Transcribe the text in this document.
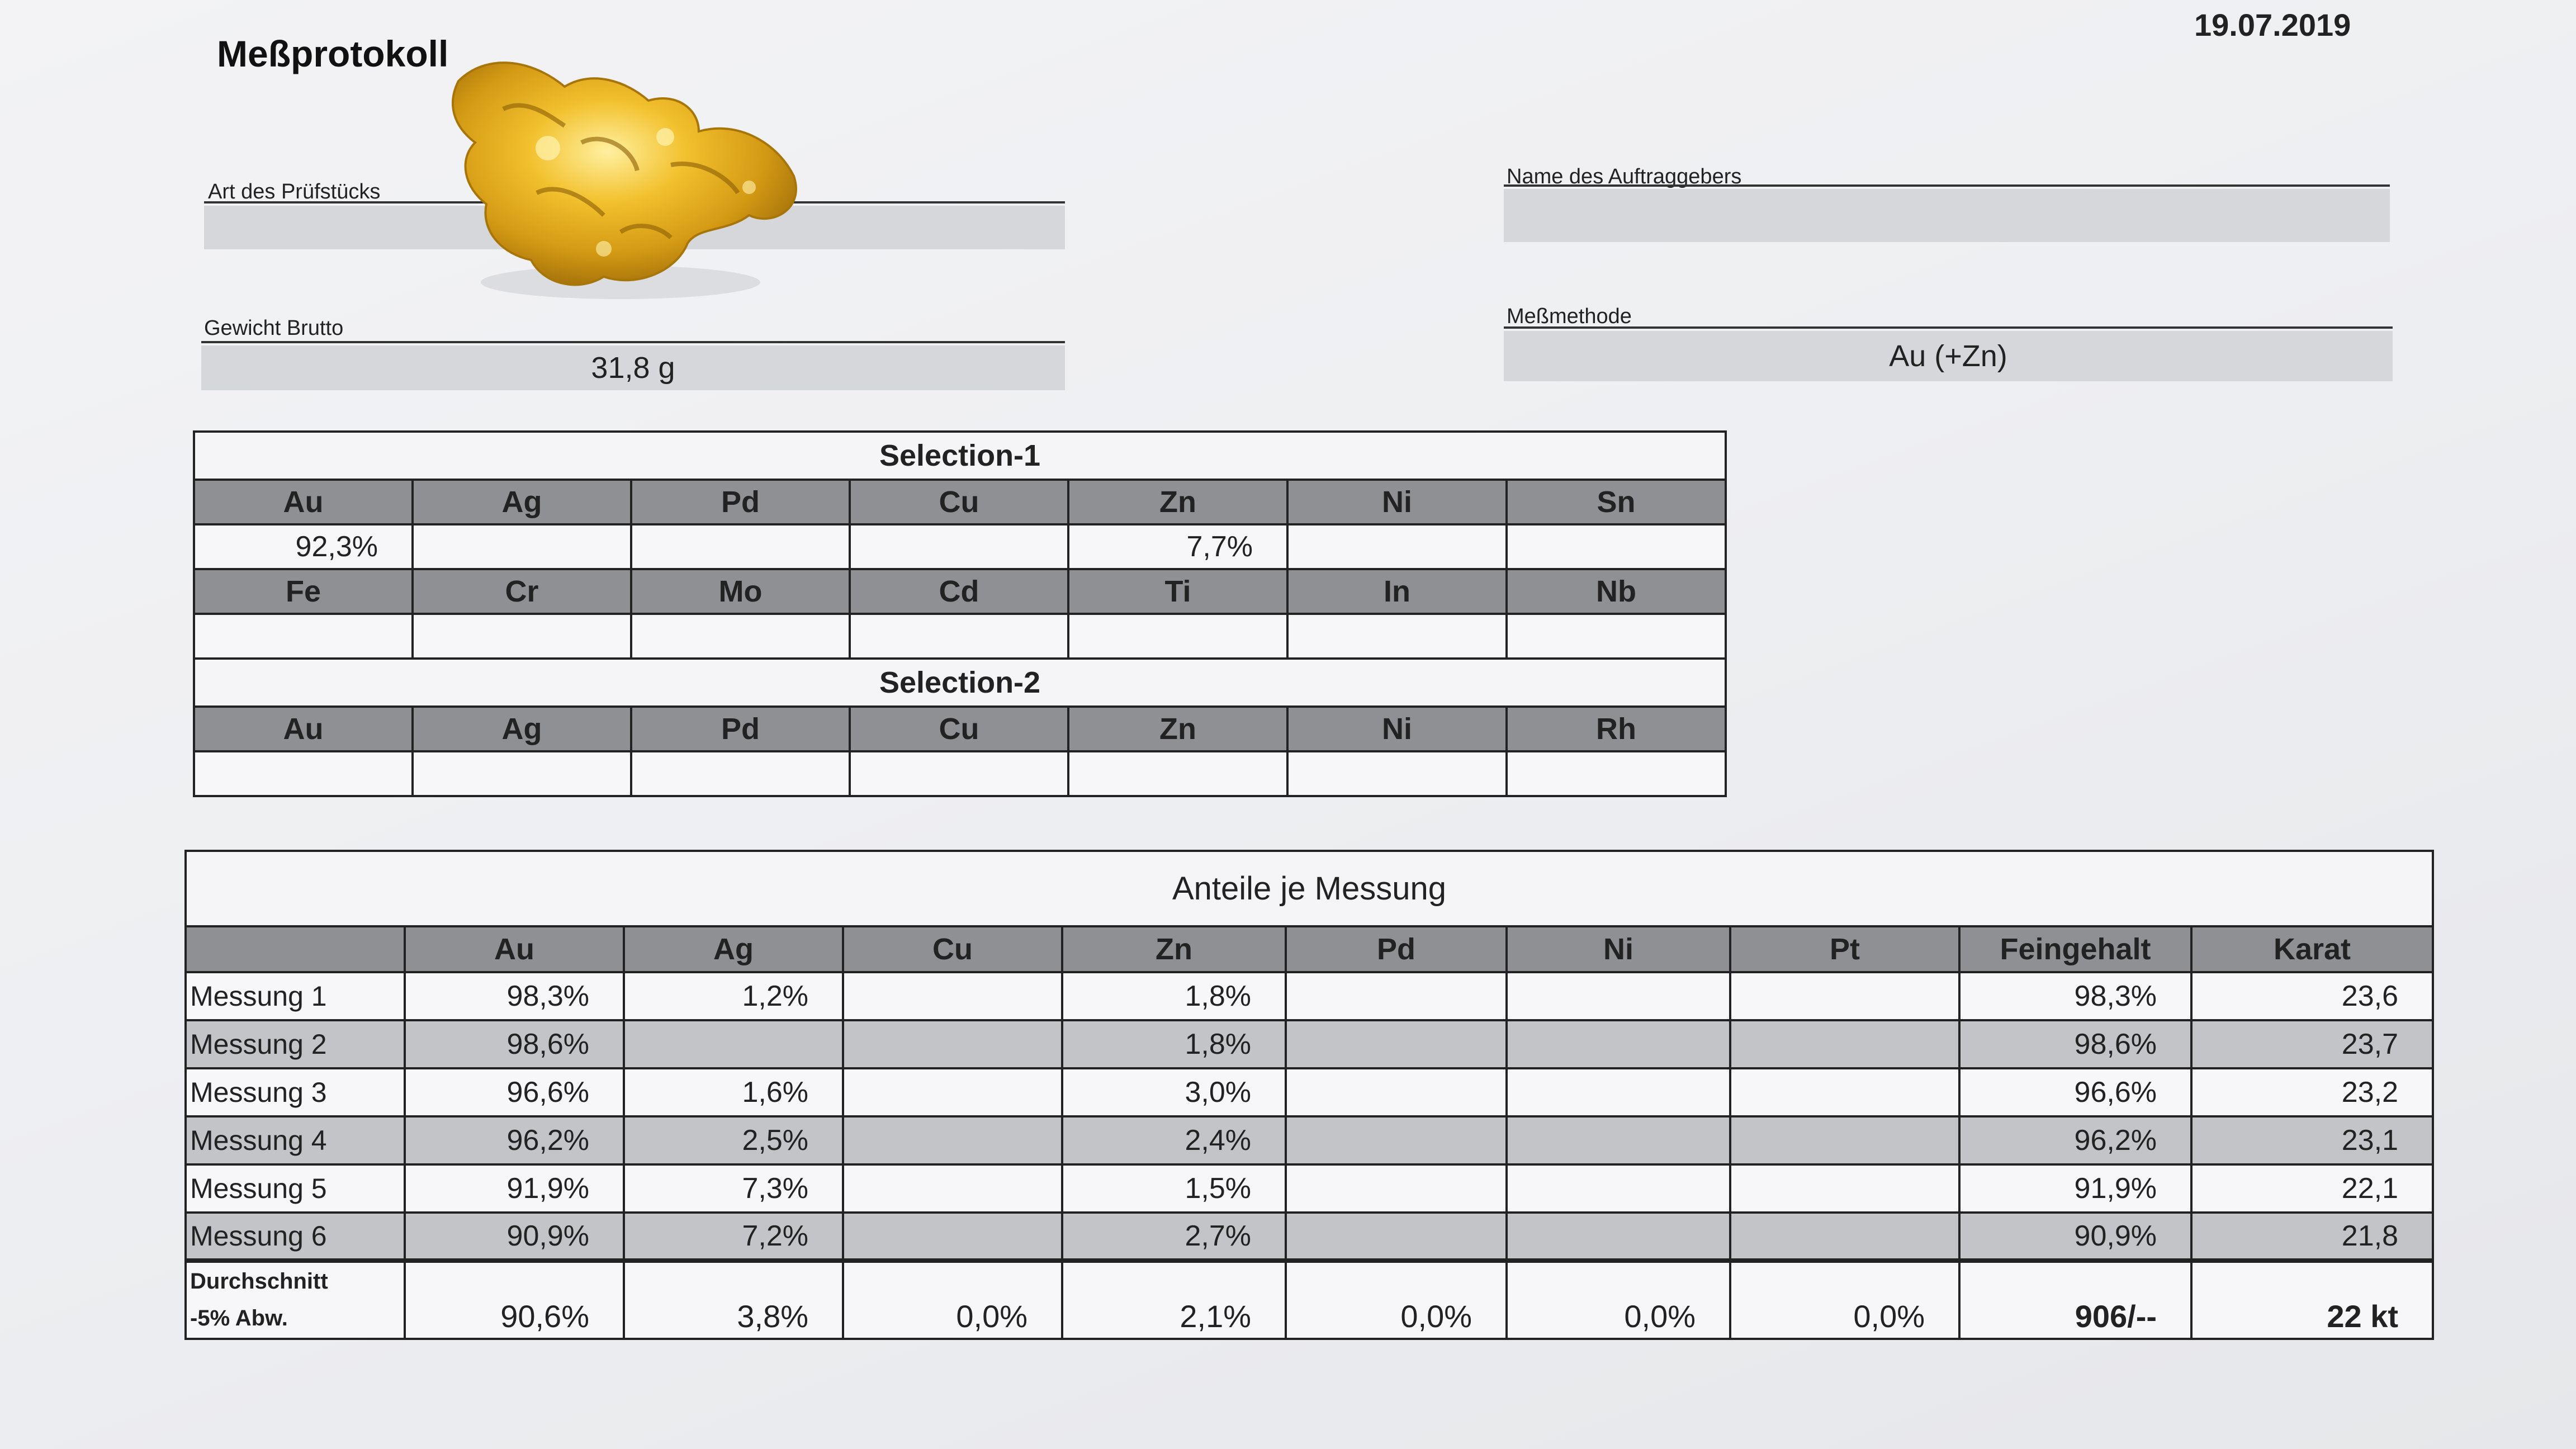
Meßprotokoll
19.07.2019
Art des Prüfstücks
Gewicht Brutto
31,8 g
Name des Auftraggebers
Meßmethode
Au (+Zn)
Selection-1						
Au	Ag	Pd	Cu	Zn	Ni	Sn
92,3%				7,7%		
Fe	Cr	Mo	Cd	Ti	In	Nb

Selection-2						
Au	Ag	Pd	Cu	Zn	Ni	Rh

Anteile je Messung									
	Au	Ag	Cu	Zn	Pd	Ni	Pt	Feingehalt	Karat
Messung 1	98,3%	1,2%		1,8%				98,3%	23,6
Messung 2	98,6%			1,8%				98,6%	23,7
Messung 3	96,6%	1,6%		3,0%				96,6%	23,2
Messung 4	96,2%	2,5%		2,4%				96,2%	23,1
Messung 5	91,9%	7,3%		1,5%				91,9%	22,1
Messung 6	90,9%	7,2%		2,7%				90,9%	21,8

Durchschnitt
-5% Abw.	90,6%	3,8%	0,0%	2,1%	0,0%	0,0%	0,0%	906/--	22 kt
